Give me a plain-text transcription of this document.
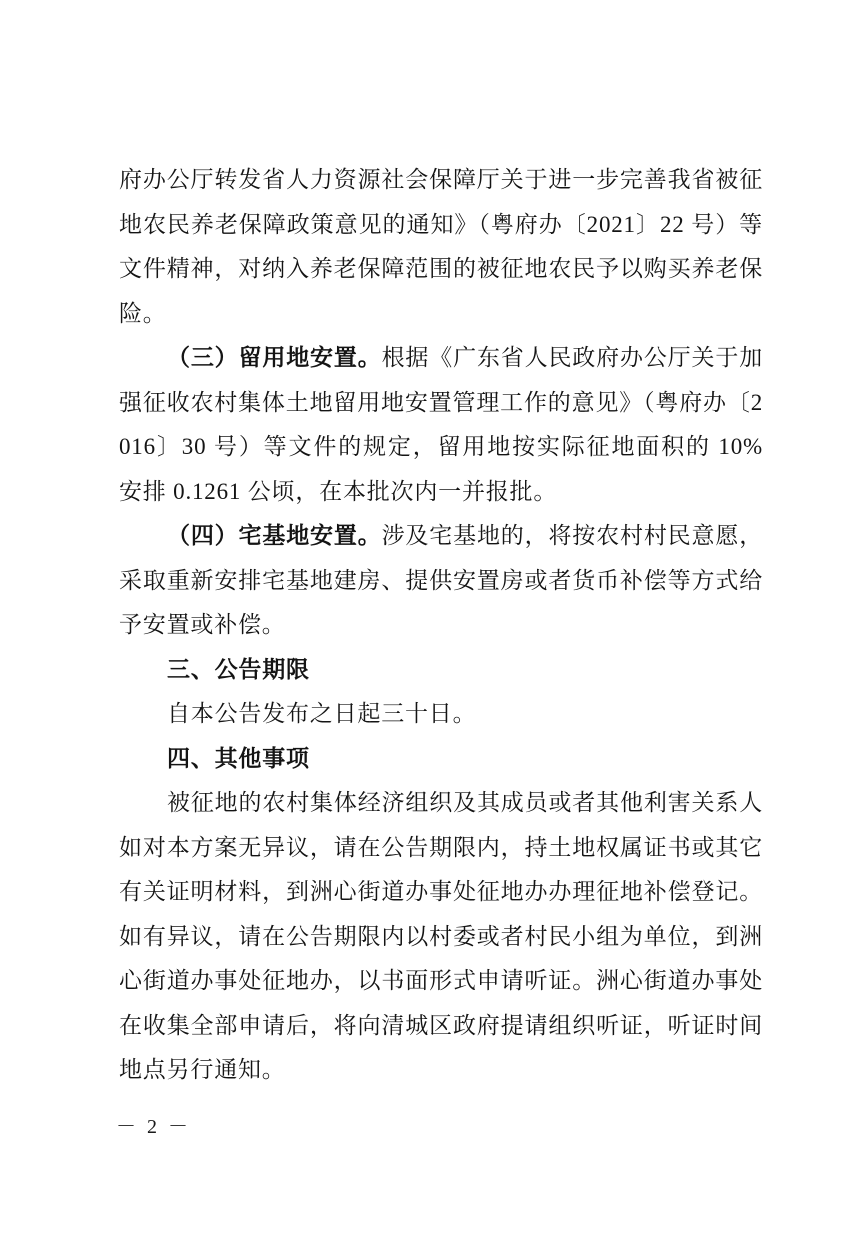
府办公厅转发省人力资源社会保障厅关于进一步完善我省被征地农民养老保障政策意见的通知》（粤府办〔2021〕22 号）等文件精神，对纳入养老保障范围的被征地农民予以购买养老保险。

（三）留用地安置。根据《广东省人民政府办公厅关于加强征收农村集体土地留用地安置管理工作的意见》（粤府办〔2016〕30 号）等文件的规定，留用地按实际征地面积的 10% 安排 0.1261 公顷，在本批次内一并报批。

（四）宅基地安置。涉及宅基地的，将按农村村民意愿，采取重新安排宅基地建房、提供安置房或者货币补偿等方式给予安置或补偿。

三、公告期限

自本公告发布之日起三十日。

四、其他事项

被征地的农村集体经济组织及其成员或者其他利害关系人如对本方案无异议，请在公告期限内，持土地权属证书或其它有关证明材料，到洲心街道办事处征地办办理征地补偿登记。如有异议，请在公告期限内以村委或者村民小组为单位，到洲心街道办事处征地办，以书面形式申请听证。洲心街道办事处在收集全部申请后，将向清城区政府提请组织听证，听证时间地点另行通知。

－ 2 －
